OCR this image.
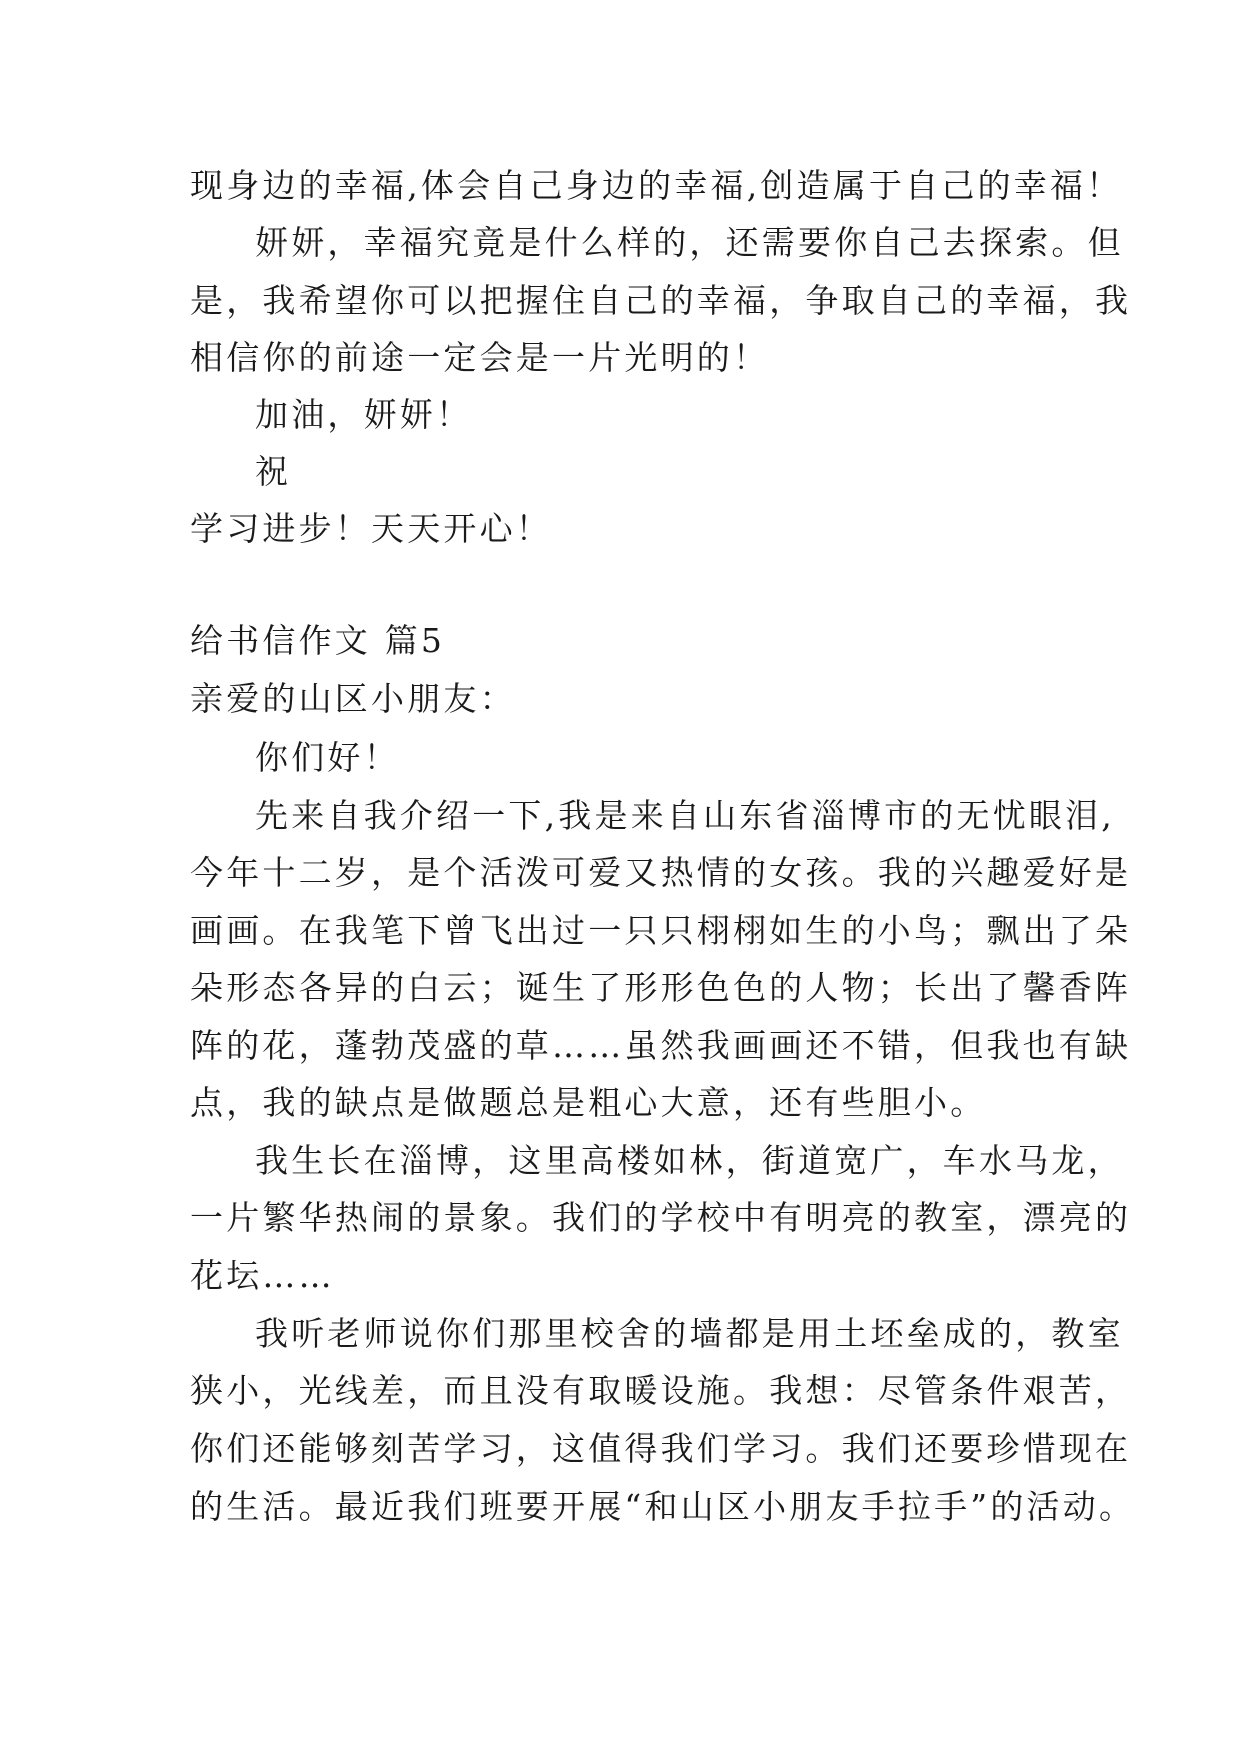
现身边的幸福,体会自己身边的幸福,创造属于自己的幸福！
妍妍，幸福究竟是什么样的，还需要你自己去探索。但
是，我希望你可以把握住自己的幸福，争取自己的幸福，我
相信你的前途一定会是一片光明的！
加油，妍妍！
祝
学习进步！天天开心！
给书信作文 篇5
亲爱的山区小朋友：
你们好！
先来自我介绍一下,我是来自山东省淄博市的无忧眼泪,
今年十二岁，是个活泼可爱又热情的女孩。我的兴趣爱好是
画画。在我笔下曾飞出过一只只栩栩如生的小鸟；飘出了朵
朵形态各异的白云；诞生了形形色色的人物；长出了馨香阵
阵的花，蓬勃茂盛的草……虽然我画画还不错，但我也有缺
点，我的缺点是做题总是粗心大意，还有些胆小。
我生长在淄博，这里高楼如林，街道宽广，车水马龙，
一片繁华热闹的景象。我们的学校中有明亮的教室，漂亮的
花坛……
我听老师说你们那里校舍的墙都是用土坯垒成的，教室
狭小，光线差，而且没有取暖设施。我想：尽管条件艰苦，
你们还能够刻苦学习，这值得我们学习。我们还要珍惜现在
的生活。最近我们班要开展“和山区小朋友手拉手”的活动。
